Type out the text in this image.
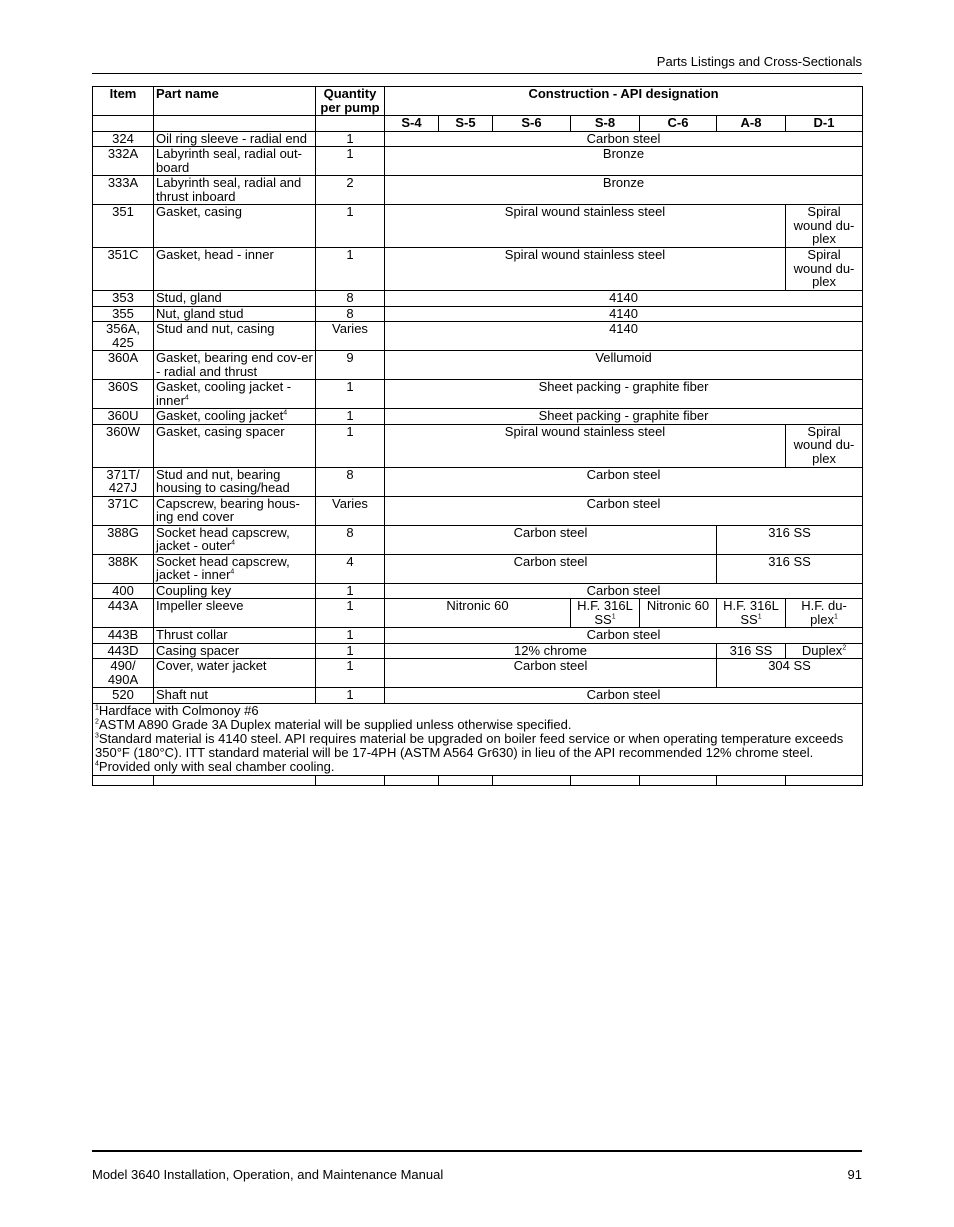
Parts Listings and Cross-Sectionals
Item	Part name	Quantity
per pump	Construction - API designation						
			S-4	S-5	S-6	S-8	C-6	A-8	D-1
324	Oil ring sleeve - radial end	1	Carbon steel						
332A	Labyrinth seal, radial out-board	1	Bronze						
333A	Labyrinth seal, radial and thrust inboard	2	Bronze						
351	Gasket, casing	1	Spiral wound stainless steel						Spiral wound du-plex
351C	Gasket, head - inner	1	Spiral wound stainless steel						Spiral wound du-plex
353	Stud, gland	8	4140						
355	Nut, gland stud	8	4140						
356A, 425	Stud and nut, casing	Varies	4140						
360A	Gasket, bearing end cov-er - radial and thrust	9	Vellumoid						
360S	Gasket, cooling jacket - inner$^4$	1	Sheet packing - graphite fiber						
360U	Gasket, cooling jacket$^4$	1	Sheet packing - graphite fiber						
360W	Gasket, casing spacer	1	Spiral wound stainless steel						Spiral wound du-plex
371T/ 427J	Stud and nut, bearing housing to casing/head	8	Carbon steel						
371C	Capscrew, bearing hous-ing end cover	Varies	Carbon steel						
388G	Socket head capscrew, jacket - outer$^4$	8	Carbon steel					316 SS	
388K	Socket head capscrew, jacket - inner$^4$	4	Carbon steel					316 SS	
400	Coupling key	1	Carbon steel						
443A	Impeller sleeve	1	Nitronic 60			H.F. 316L $SS^1$	Nitronic 60	H.F. 316L $SS^1$	H.F. du-plex$^1$
443B	Thrust collar	1	Carbon steel						
443D	Casing spacer	1	12% chrome					316 SS	Duplex$^2$
490/ 490A	Cover, water jacket	1	Carbon steel					304 SS	
520	Shaft nut	1	Carbon steel						

$^1$Hardface with Colmonoy #6
$^2$ASTM A890 Grade 3A Duplex material will be supplied unless otherwise specified.
$^3$Standard material is 4140 steel. API requires material be upgraded on boiler feed service or when operating temperature exceeds 350°F (180°C). ITT standard material will be 17-4PH (ASTM A564 Gr630) in lieu of the API recommended 12% chrome steel.
$^4$Provided only with seal chamber cooling.									

Model 3640 Installation, Operation, and Maintenance Manual	91
